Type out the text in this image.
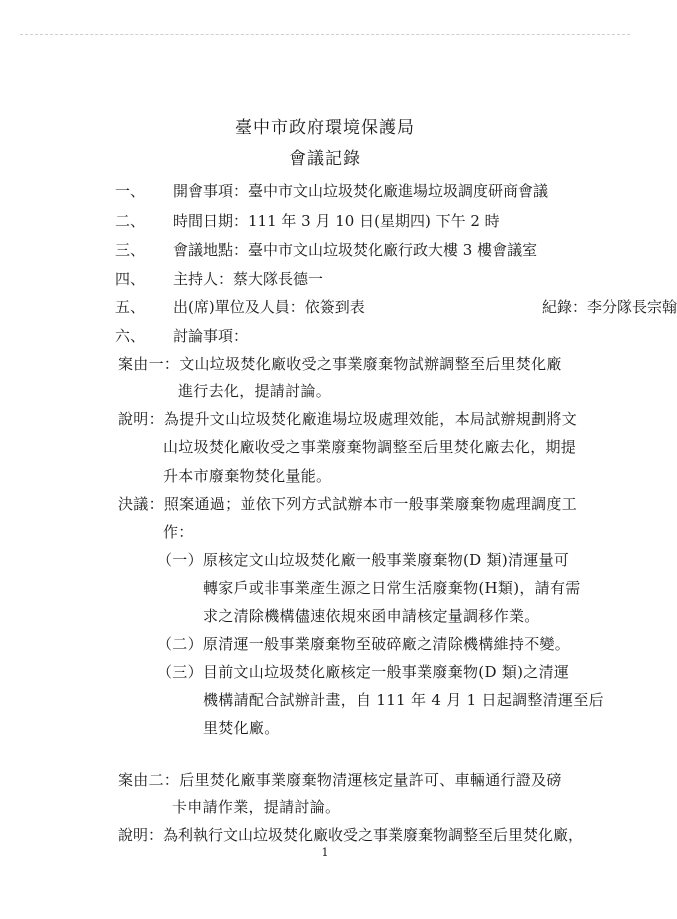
臺中市政府環境保護局
會議記錄
一、 開會事項：臺中市文山垃圾焚化廠進場垃圾調度研商會議
二、 時間日期：111 年 3 月 10 日(星期四) 下午 2 時
三、 會議地點：臺中市文山垃圾焚化廠行政大樓 3 樓會議室
四、 主持人：蔡大隊長德一
五、 出(席)單位及人員：依簽到表	紀錄：李分隊長宗翰
六、 討論事項：
案由一：文山垃圾焚化廠收受之事業廢棄物試辦調整至后里焚化廠
進行去化，提請討論。
說明：為提升文山垃圾焚化廠進場垃圾處理效能，本局試辦規劃將文
山垃圾焚化廠收受之事業廢棄物調整至后里焚化廠去化，期提
升本市廢棄物焚化量能。
決議：照案通過；並依下列方式試辦本市一般事業廢棄物處理調度工
作：
（一）原核定文山垃圾焚化廠一般事業廢棄物(D 類)清運量可
轉家戶或非事業產生源之日常生活廢棄物(H類)，請有需
求之清除機構儘速依規來函申請核定量調移作業。
（二）原清運一般事業廢棄物至破碎廠之清除機構維持不變。
（三）目前文山垃圾焚化廠核定一般事業廢棄物(D 類)之清運
機構請配合試辦計畫，自 111 年 4 月 1 日起調整清運至后
里焚化廠。
案由二：后里焚化廠事業廢棄物清運核定量許可、車輛通行證及磅
卡申請作業，提請討論。
說明：為利執行文山垃圾焚化廠收受之事業廢棄物調整至后里焚化廠，
1
